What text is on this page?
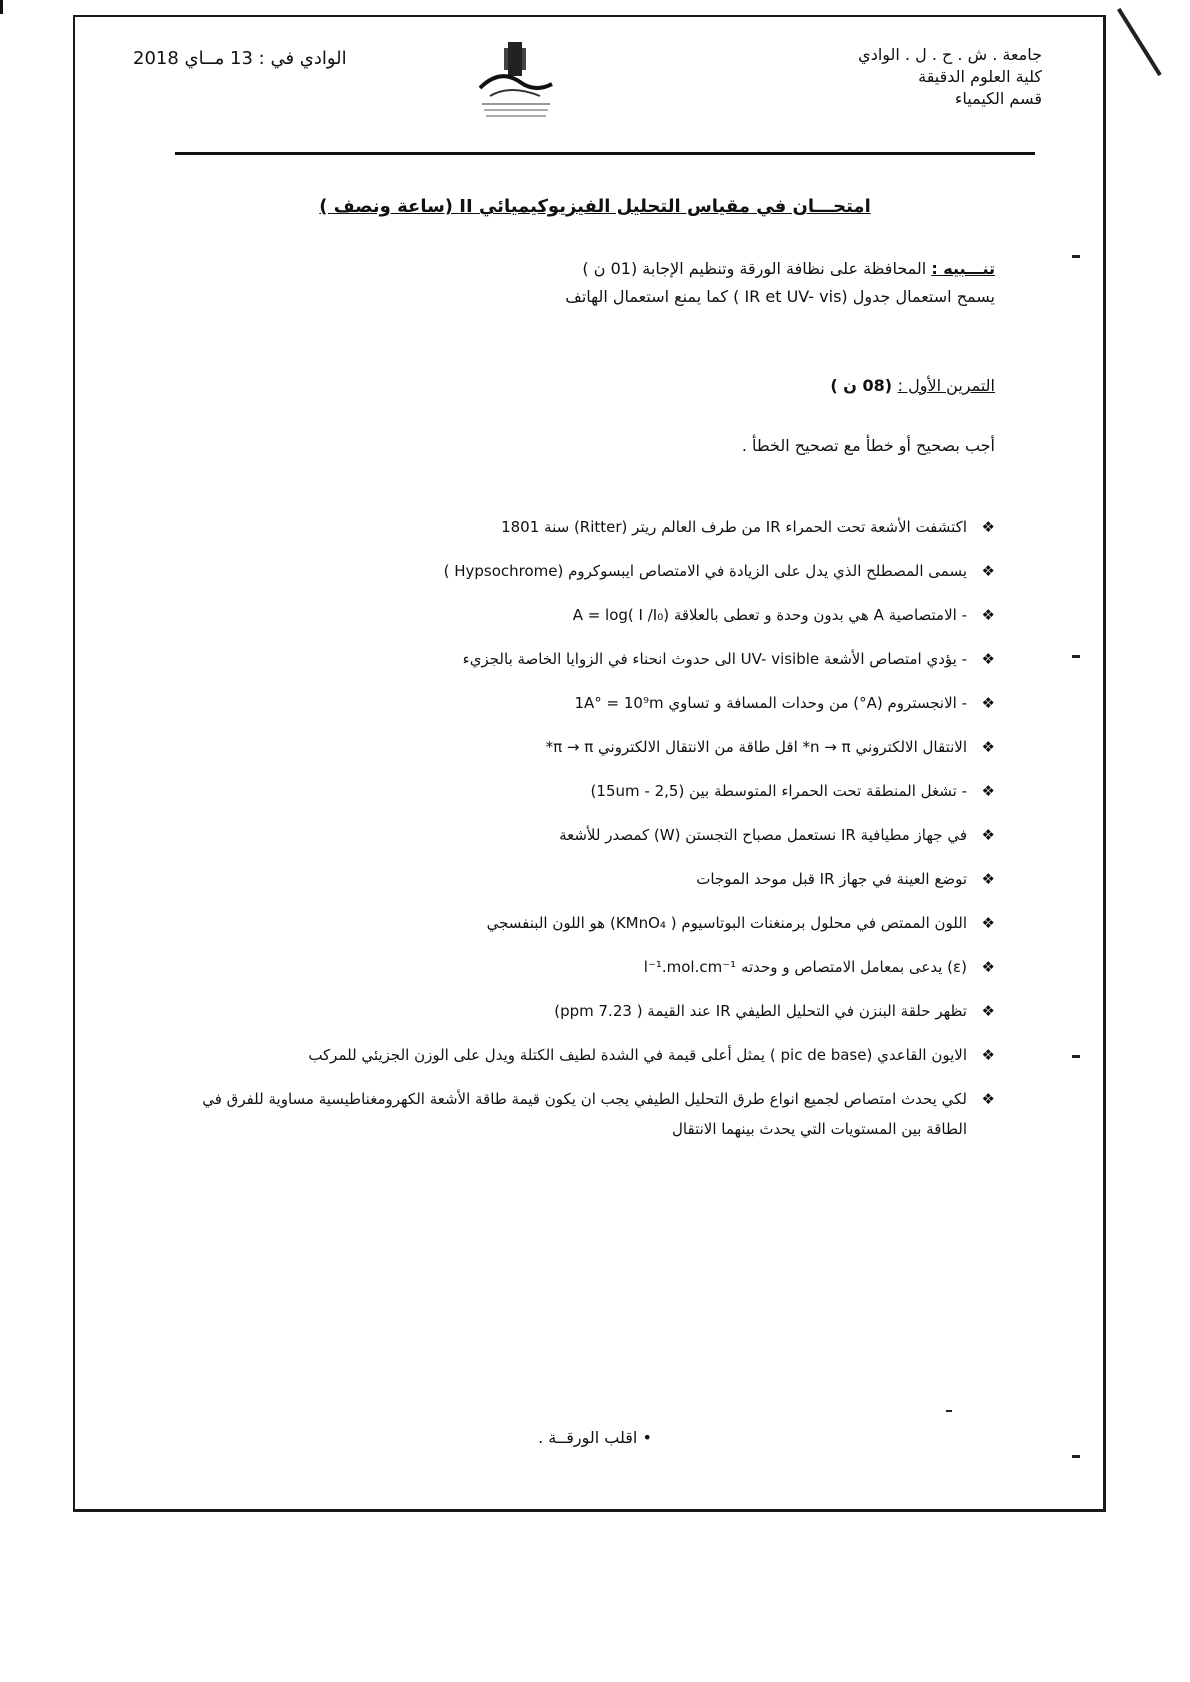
جامعة . ش . ح . ل . الوادي
كلية العلوم الدقيقة
قسم الكيمياء
الوادي في : 13 مــاي 2018
امتحـــان في مقياس التحليل الفيزيوكيميائي II (ساعة ونصف )
تنـــبيه : المحافظة على نظافة الورقة وتنظيم الإجابة (01 ن )
يسمح استعمال جدول (IR et UV- vis ) كما يمنع استعمال الهاتف
التمرين الأول : (08 ن )
أجب بصحيح أو خطأ مع تصحيح الخطأ .
❖
اكتشفت الأشعة تحت الحمراء IR من طرف العالم ريتر (Ritter) سنة 1801
❖
يسمى المصطلح الذي يدل على الزيادة في الامتصاص ايبسوكروم (Hypsochrome )
❖
- الامتصاصية A هي بدون وحدة و تعطى بالعلاقة A = log( I /I₀)
❖
- يؤدي امتصاص الأشعة UV- visible الى حدوث انحناء في الزوايا الخاصة بالجزيء
❖
- الانجستروم (A°) من وحدات المسافة و تساوي 1A° = 10⁹m
❖
الانتقال الالكتروني n → π* اقل طاقة من الانتقال الالكتروني π → π*
❖
- تشغل المنطقة تحت الحمراء المتوسطة بين (2,5 - 15um)
❖
في جهاز مطيافية IR نستعمل مصباح التجستن (W) كمصدر للأشعة
❖
توضع العينة في جهاز IR قبل موحد الموجات
❖
اللون الممتص في محلول برمنغنات البوتاسيوم ( KMnO₄) هو اللون البنفسجي
❖
(ε) يدعى بمعامل الامتصاص و وحدته l⁻¹.mol.cm⁻¹
❖
تظهر حلقة البنزن في التحليل الطيفي IR عند القيمة ( 7.23 ppm)
❖
الايون القاعدي (pic de base ) يمثل أعلى قيمة في الشدة لطيف الكتلة ويدل على الوزن الجزيئي للمركب
❖
لكي يحدث امتصاص لجميع انواع طرق التحليل الطيفي يجب ان يكون قيمة طاقة الأشعة الكهرومغناطيسية مساوية للفرق في الطاقة بين المستويات التي يحدث بينهما الانتقال
• اقلب الورقــة .
